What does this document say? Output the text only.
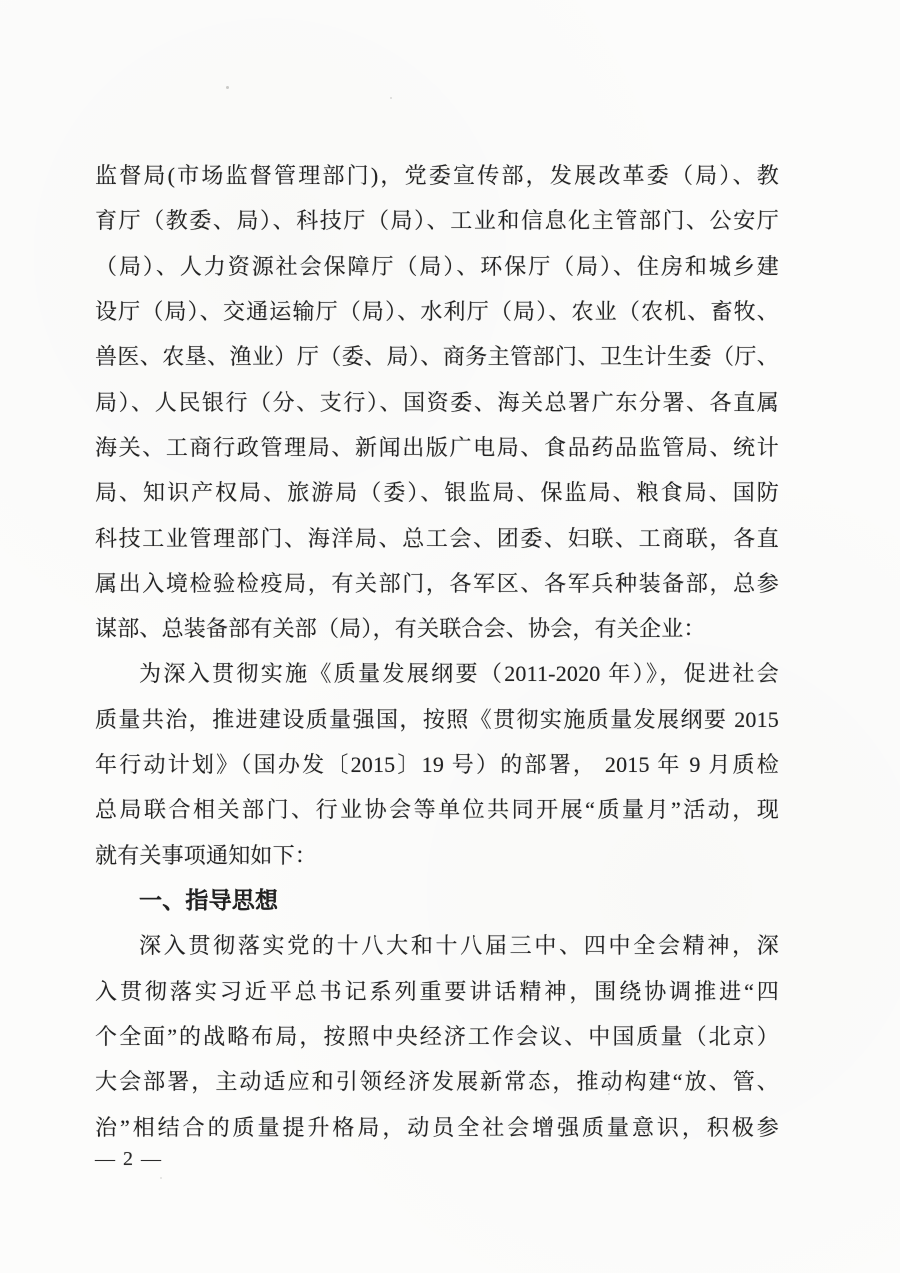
监督局(市场监督管理部门)，党委宣传部，发展改革委（局）、教
育厅（教委、局）、科技厅（局）、工业和信息化主管部门、公安厅
（局）、人力资源社会保障厅（局）、环保厅（局）、住房和城乡建
设厅（局）、交通运输厅（局）、水利厅（局）、农业（农机、畜牧、
兽医、农垦、渔业）厅（委、局）、商务主管部门、卫生计生委（厅、
局）、人民银行（分、支行）、国资委、海关总署广东分署、各直属
海关、工商行政管理局、新闻出版广电局、食品药品监管局、统计
局、知识产权局、旅游局（委）、银监局、保监局、粮食局、国防
科技工业管理部门、海洋局、总工会、团委、妇联、工商联，各直
属出入境检验检疫局，有关部门，各军区、各军兵种装备部，总参
谋部、总装备部有关部（局），有关联合会、协会，有关企业：
为深入贯彻实施《质量发展纲要（2011-2020 年）》，促进社会
质量共治，推进建设质量强国，按照《贯彻实施质量发展纲要 2015
年行动计划》（国办发〔2015〕19 号）的部署， 2015 年 9 月质检
总局联合相关部门、行业协会等单位共同开展“质量月”活动，现
就有关事项通知如下：
一、指导思想
深入贯彻落实党的十八大和十八届三中、四中全会精神，深
入贯彻落实习近平总书记系列重要讲话精神，围绕协调推进“四
个全面”的战略布局，按照中央经济工作会议、中国质量（北京）
大会部署，主动适应和引领经济发展新常态，推动构建“放、管、
治”相结合的质量提升格局，动员全社会增强质量意识，积极参
— 2 —
